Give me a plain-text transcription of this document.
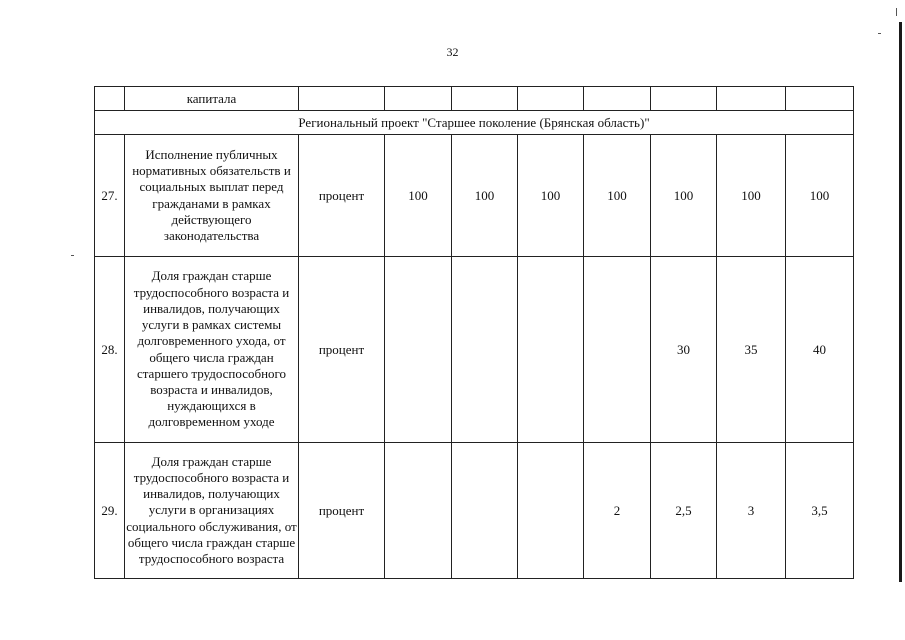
32
	капитала								
Региональный проект "Старшее поколение (Брянская область)"									
27.	Исполнение публичных нормативных обязательств и социальных выплат перед гражданами в рамках действующего законодательства	процент	100	100	100	100	100	100	100
28.	Доля граждан старше трудоспособного возраста и инвалидов, получающих услуги в рамках системы долговременного ухода, от общего числа граждан старшего трудоспособного возраста и инвалидов, нуждающихся в долговременном уходе	процент					30	35	40
29.	Доля граждан старше трудоспособного возраста и инвалидов, получающих услуги в организациях социального обслуживания, от общего числа граждан старше трудоспособного возраста	процент				2	2,5	3	3,5
